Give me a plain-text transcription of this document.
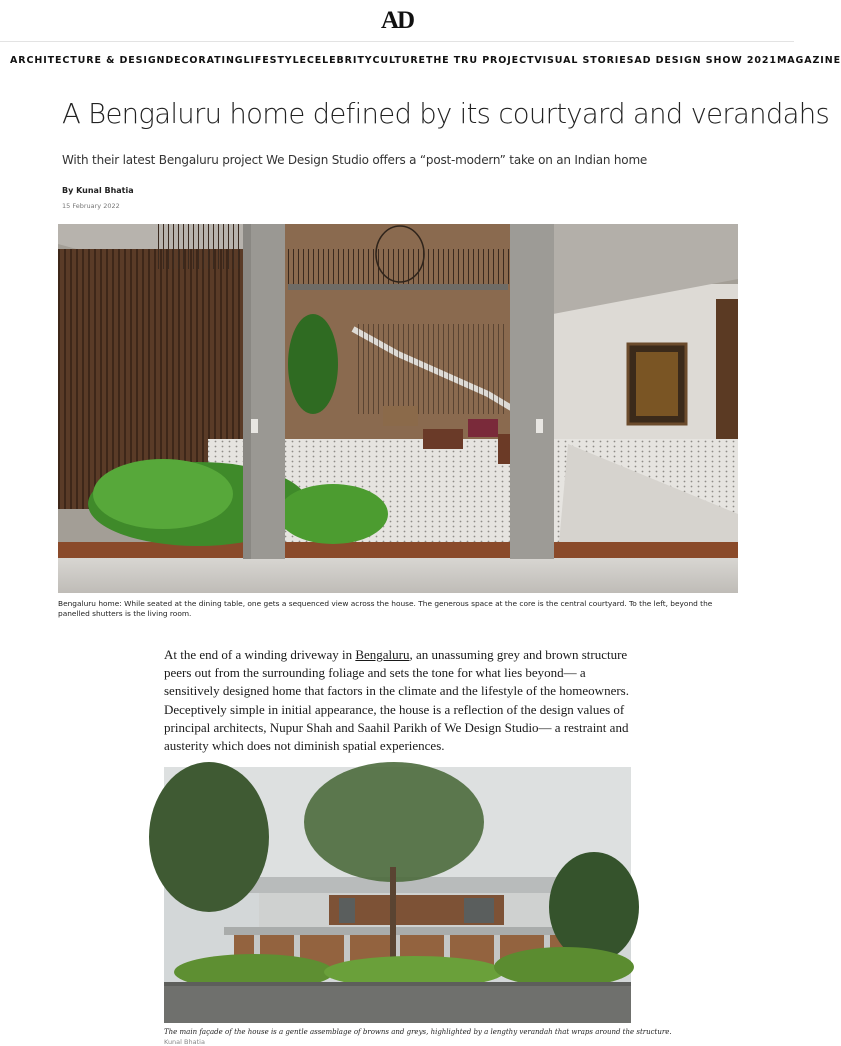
AD
ARCHITECTURE & DESIGN DECORATING LIFESTYLE CELEBRITY CULTURE THE TRU PROJECT VISUAL STORIES AD DESIGN SHOW 2021 MAGAZINE
A Bengaluru home defined by its courtyard and verandahs

With their latest Bengaluru project We Design Studio offers a “post-modern” take on an Indian home

By Kunal Bhatia
15 February 2022
Bengaluru home: While seated at the dining table, one gets a sequenced view across the house. The generous space at the core is the central courtyard. To the left, beyond the panelled shutters is the living room.
At the end of a winding driveway in Bengaluru, an unassuming grey and brown structure peers out from the surrounding foliage and sets the tone for what lies beyond— a sensitively designed home that factors in the climate and the lifestyle of the homeowners. Deceptively simple in initial appearance, the house is a reflection of the design values of principal architects, Nupur Shah and Saahil Parikh of We Design Studio— a restraint and austerity which does not diminish spatial experiences.
The main façade of the house is a gentle assemblage of browns and greys, highlighted by a lengthy verandah that wraps around the structure.
Kunal Bhatia
